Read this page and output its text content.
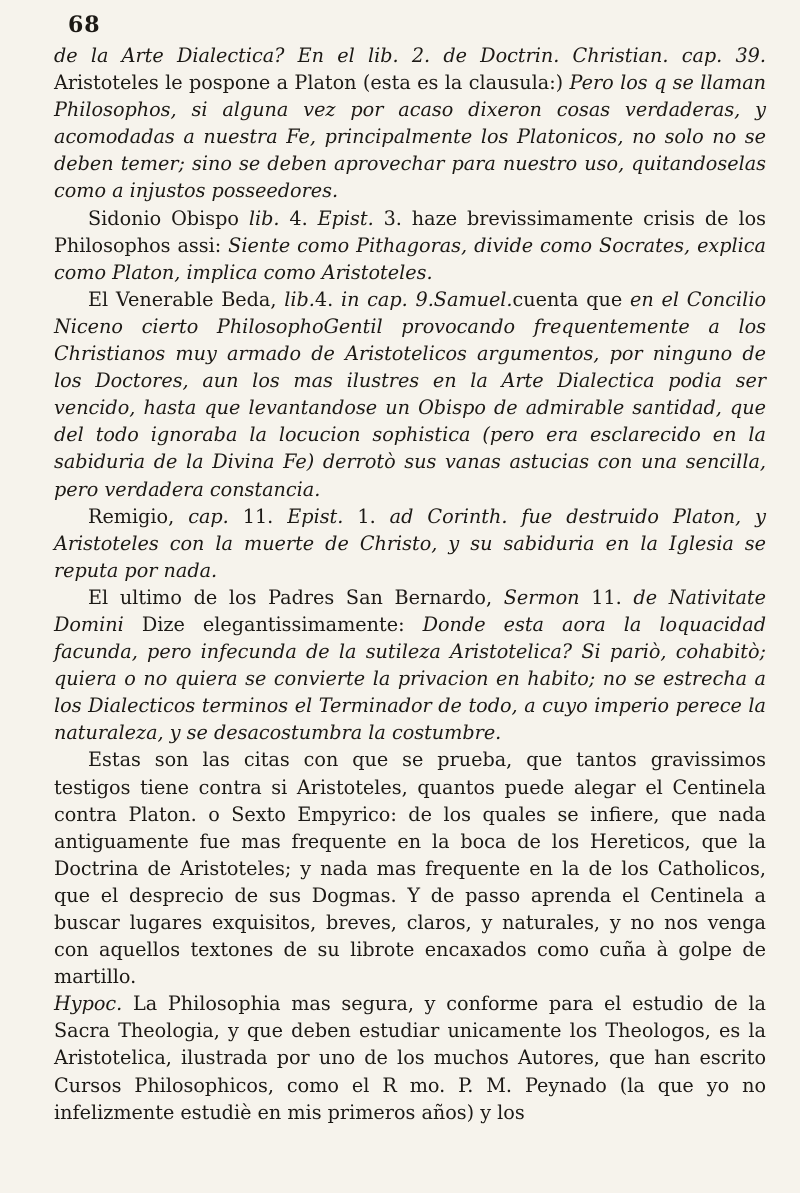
68

de la Arte Dialectica? En el lib. 2. de Doctrin. Christian. cap. 39. Aristoteles le pospone a Platon (esta es la clausula:) Pero los q se llaman Philosophos, si alguna vez por acaso dixeron cosas verdaderas, y acomodadas a nuestra Fe, principalmente los Platonicos, no solo no se deben temer; sino se deben aprovechar para nuestro uso, quitandoselas como a injustos posseedores.

Sidonio Obispo lib. 4. Epist. 3. haze brevissimamente crisis de los Philosophos assi: Siente como Pithagoras, divide como Socrates, explica como Platon, implica como Aristoteles.

El Venerable Beda, lib.4. in cap. 9.Samuel.cuenta que en el Concilio Niceno cierto PhilosophoGentil provocando frequentemente a los Christianos muy armado de Aristotelicos argumentos, por ninguno de los Doctores, aun los mas ilustres en la Arte Dialectica podia ser vencido, hasta que levantandose un Obispo de admirable santidad, que del todo ignoraba la locucion sophistica (pero era esclarecido en la sabiduria de la Divina Fe) derrotò sus vanas astucias con una sencilla, pero verdadera constancia.

Remigio, cap. 11. Epist. 1. ad Corinth. fue destruido Platon, y Aristoteles con la muerte de Christo, y su sabiduria en la Iglesia se reputa por nada.

El ultimo de los Padres San Bernardo, Sermon 11. de Nativitate Domini Dize elegantissimamente: Donde esta aora la loquacidad facunda, pero infecunda de la sutileza Aristotelica? Si pariò, cohabitò; quiera o no quiera se convierte la privacion en habito; no se estrecha a los Dialecticos terminos el Terminador de todo, a cuyo imperio perece la naturaleza, y se desacostumbra la costumbre.

Estas son las citas con que se prueba, que tantos gravissimos testigos tiene contra si Aristoteles, quantos puede alegar el Centinela contra Platon. o Sexto Empyrico: de los quales se infiere, que nada antiguamente fue mas frequente en la boca de los Hereticos, que la Doctrina de Aristoteles; y nada mas frequente en la de los Catholicos, que el desprecio de sus Dogmas. Y de passo aprenda el Centinela a buscar lugares exquisitos, breves, claros, y naturales, y no nos venga con aquellos textones de su librote encaxados como cuña à golpe de martillo.

Hypoc. La Philosophia mas segura, y conforme para el estudio de la Sacra Theologia, y que deben estudiar unicamente los Theologos, es la Aristotelica, ilustrada por uno de los muchos Autores, que han escrito Cursos Philosophicos, como el R mo. P. M. Peynado (la que yo no infelizmente estudiè en mis primeros años) y los
